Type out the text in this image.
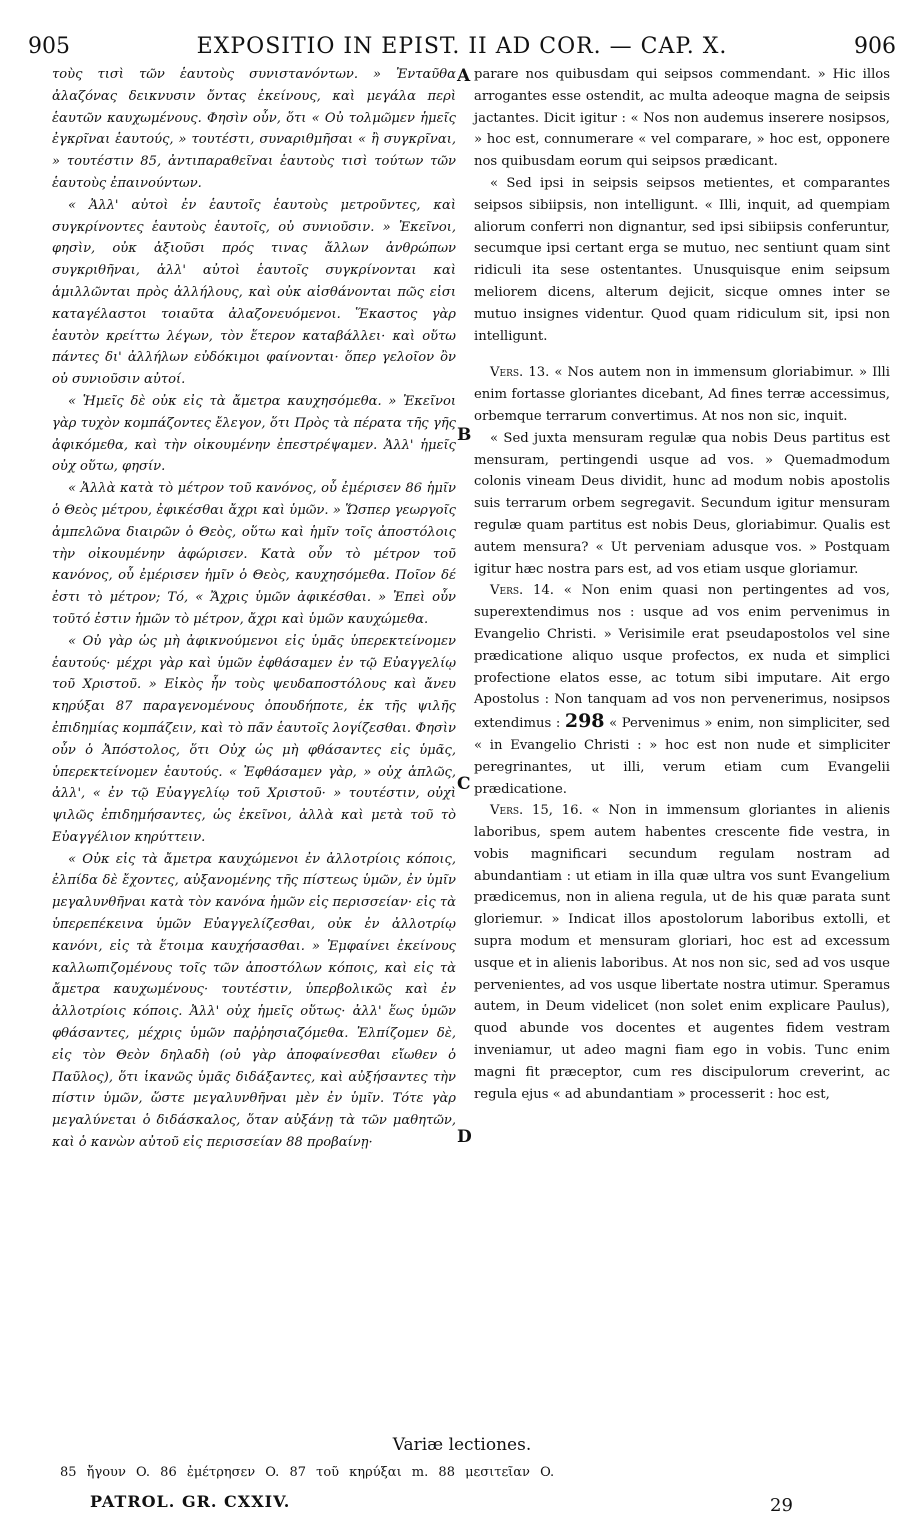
905	EXPOSITIO IN EPIST. II AD COR. — CAP. X.	906

τοὺς τισὶ τῶν ἑαυτοὺς συνιστανόντων. » Ἐνταῦθα ἀλαζόνας δεικνυσιν ὄντας ἐκείνους, καὶ μεγάλα περὶ ἑαυτῶν καυχωμένους. Φησὶν οὖν, ὅτι « Οὐ τολμῶμεν ἡμεῖς ἐγκρῖναι ἑαυτούς, » τουτέστι, συναριθμῆσαι « ἢ συγκρῖναι, » τουτέστιν 85, ἀντιπαραθεῖναι ἑαυτοὺς τισὶ τούτων τῶν ἑαυτοὺς ἐπαινούντων.

« Ἀλλ' αὐτοὶ ἐν ἑαυτοῖς ἑαυτοὺς μετροῦντες, καὶ συγκρίνοντες ἑαυτοὺς ἑαυτοῖς, οὐ συνιοῦσιν. » Ἐκεῖνοι, φησὶν, οὐκ ἀξιοῦσι πρός τινας ἄλλων ἀνθρώπων συγκριθῆναι, ἀλλ' αὐτοὶ ἑαυτοῖς συγκρίνονται καὶ ἁμιλλῶνται πρὸς ἀλλήλους, καὶ οὐκ αἰσθάνονται πῶς εἰσι καταγέλαστοι τοιαῦτα ἀλαζονευόμενοι. Ἕκαστος γὰρ ἑαυτὸν κρείττω λέγων, τὸν ἕτερον καταβάλλει· καὶ οὕτω πάντες δι' ἀλλήλων εὐδόκιμοι φαίνονται· ὅπερ γελοῖον ὂν οὐ συνιοῦσιν αὐτοί.

« Ἡμεῖς δὲ οὐκ εἰς τὰ ἄμετρα καυχησόμεθα. » Ἐκεῖνοι γὰρ τυχὸν κομπάζοντες ἔλεγον, ὅτι Πρὸς τὰ πέρατα τῆς γῆς ἀφικόμεθα, καὶ τὴν οἰκουμένην ἐπεστρέψαμεν. Ἀλλ' ἡμεῖς οὐχ οὕτω, φησίν.

« Ἀλλὰ κατὰ τὸ μέτρον τοῦ κανόνος, οὗ ἐμέρισεν 86 ἡμῖν ὁ Θεὸς μέτρου, ἐφικέσθαι ἄχρι καὶ ὑμῶν. » Ὥσπερ γεωργοῖς ἀμπελῶνα διαιρῶν ὁ Θεὸς, οὕτω καὶ ἡμῖν τοῖς ἀποστόλοις τὴν οἰκουμένην ἀφώρισεν. Κατὰ οὖν τὸ μέτρον τοῦ κανόνος, οὗ ἐμέρισεν ἡμῖν ὁ Θεὸς, καυχησόμεθα. Ποῖον δέ ἐστι τὸ μέτρον; Τό, « Ἄχρις ὑμῶν ἀφικέσθαι. » Ἐπεὶ οὖν τοῦτό ἐστιν ἡμῶν τὸ μέτρον, ἄχρι καὶ ὑμῶν καυχώμεθα.

« Οὐ γὰρ ὡς μὴ ἀφικνούμενοι εἰς ὑμᾶς ὑπερεκτείνομεν ἑαυτούς· μέχρι γὰρ καὶ ὑμῶν ἐφθάσαμεν ἐν τῷ Εὐαγγελίῳ τοῦ Χριστοῦ. » Εἰκὸς ἦν τοὺς ψευδαποστόλους καὶ ἄνευ κηρύξαι 87 παραγενομένους ὁπουδήποτε, ἐκ τῆς ψιλῆς ἐπιδημίας κομπάζειν, καὶ τὸ πᾶν ἑαυτοῖς λογίζεσθαι. Φησὶν οὖν ὁ Ἀπόστολος, ὅτι Οὐχ ὡς μὴ φθάσαντες εἰς ὑμᾶς, ὑπερεκτείνομεν ἑαυτούς. « Ἐφθάσαμεν γὰρ, » οὐχ ἁπλῶς, ἀλλ', « ἐν τῷ Εὐαγγελίῳ τοῦ Χριστοῦ· » τουτέστιν, οὐχὶ ψιλῶς ἐπιδημήσαντες, ὡς ἐκεῖνοι, ἀλλὰ καὶ μετὰ τοῦ τὸ Εὐαγγέλιον κηρύττειν.

« Οὐκ εἰς τὰ ἄμετρα καυχώμενοι ἐν ἀλλοτρίοις κόποις, ἐλπίδα δὲ ἔχοντες, αὐξανομένης τῆς πίστεως ὑμῶν, ἐν ὑμῖν μεγαλυνθῆναι κατὰ τὸν κανόνα ἡμῶν εἰς περισσείαν· εἰς τὰ ὑπερεπέκεινα ὑμῶν Εὐαγγελίζεσθαι, οὐκ ἐν ἀλλοτρίῳ κανόνι, εἰς τὰ ἕτοιμα καυχήσασθαι. » Ἐμφαίνει ἐκείνους καλλωπιζομένους τοῖς τῶν ἀποστόλων κόποις, καὶ εἰς τὰ ἄμετρα καυχωμένους· τουτέστιν, ὑπερβολικῶς καὶ ἐν ἀλλοτρίοις κόποις. Ἀλλ' οὐχ ἡμεῖς οὕτως· ἀλλ' ἕως ὑμῶν φθάσαντες, μέχρις ὑμῶν παῤῥησιαζόμεθα. Ἐλπίζομεν δὲ, εἰς τὸν Θεὸν δηλαδὴ (οὐ γὰρ ἀποφαίνεσθαι εἴωθεν ὁ Παῦλος), ὅτι ἱκανῶς ὑμᾶς διδάξαντες, καὶ αὐξήσαντες τὴν πίστιν ὑμῶν, ὥστε μεγαλυνθῆναι μὲν ἐν ὑμῖν. Τότε γὰρ μεγαλύνεται ὁ διδάσκαλος, ὅταν αὐξάνῃ τὰ τῶν μαθητῶν, καὶ ὁ κανὼν αὐτοῦ εἰς περισσείαν 88 προβαίνῃ·

parare nos quibusdam qui seipsos commendant. » Hic illos arrogantes esse ostendit, ac multa adeoque magna de seipsis jactantes. Dicit igitur : « Nos non audemus inserere nosipsos, » hoc est, connumerare « vel comparare, » hoc est, opponere nos quibusdam eorum qui seipsos prædicant.

« Sed ipsi in seipsis seipsos metientes, et comparantes seipsos sibiipsis, non intelligunt. « Illi, inquit, ad quempiam aliorum conferri non dignantur, sed ipsi sibiipsis conferuntur, secumque ipsi certant erga se mutuo, nec sentiunt quam sint ridiculi ita sese ostentantes. Unusquisque enim seipsum meliorem dicens, alterum dejicit, sicque omnes inter se mutuo insignes videntur. Quod quam ridiculum sit, ipsi non intelligunt.

Vers. 13. « Nos autem non in immensum gloriabimur. » Illi enim fortasse gloriantes dicebant, Ad fines terræ accessimus, orbemque terrarum convertimus. At nos non sic, inquit.

« Sed juxta mensuram regulæ qua nobis Deus partitus est mensuram, pertingendi usque ad vos. » Quemadmodum colonis vineam Deus dividit, hunc ad modum nobis apostolis suis terrarum orbem segregavit. Secundum igitur mensuram regulæ quam partitus est nobis Deus, gloriabimur. Qualis est autem mensura? « Ut perveniam adusque vos. » Postquam igitur hæc nostra pars est, ad vos etiam usque gloriamur.

Vers. 14. « Non enim quasi non pertingentes ad vos, superextendimus nos : usque ad vos enim pervenimus in Evangelio Christi. » Verisimile erat pseudapostolos vel sine prædicatione aliquo usque profectos, ex nuda et simplici profectione elatos esse, ac totum sibi imputare. Ait ergo Apostolus : Non tanquam ad vos non pervenerimus, nosipsos extendimus : 298 « Pervenimus » enim, non simpliciter, sed « in Evangelio Christi : » hoc est non nude et simpliciter peregrinantes, ut illi, verum etiam cum Evangelii prædicatione.

Vers. 15, 16. « Non in immensum gloriantes in alienis laboribus, spem autem habentes crescente fide vestra, in vobis magnificari secundum regulam nostram ad abundantiam : ut etiam in illa quæ ultra vos sunt Evangelium prædicemus, non in aliena regula, ut de his quæ parata sunt gloriemur. » Indicat illos apostolorum laboribus extolli, et supra modum et mensuram gloriari, hoc est ad excessum usque et in alienis laboribus. At nos non sic, sed ad vos usque pervenientes, ad vos usque libertate nostra utimur. Speramus autem, in Deum videlicet (non solet enim explicare Paulus), quod abunde vos docentes et augentes fidem vestram inveniamur, ut adeo magni fiam ego in vobis. Tunc enim magni fit præceptor, cum res discipulorum creverint, ac regula ejus « ad abundantiam » processerit : hoc est,

A
B
C
D
Variæ lectiones.
85 ἤγουν O. 86 ἐμέτρησεν O. 87 τοῦ κηρύξαι m. 88 μεσιτεῖαν O.
PATROL. GR. CXXIV.	29
